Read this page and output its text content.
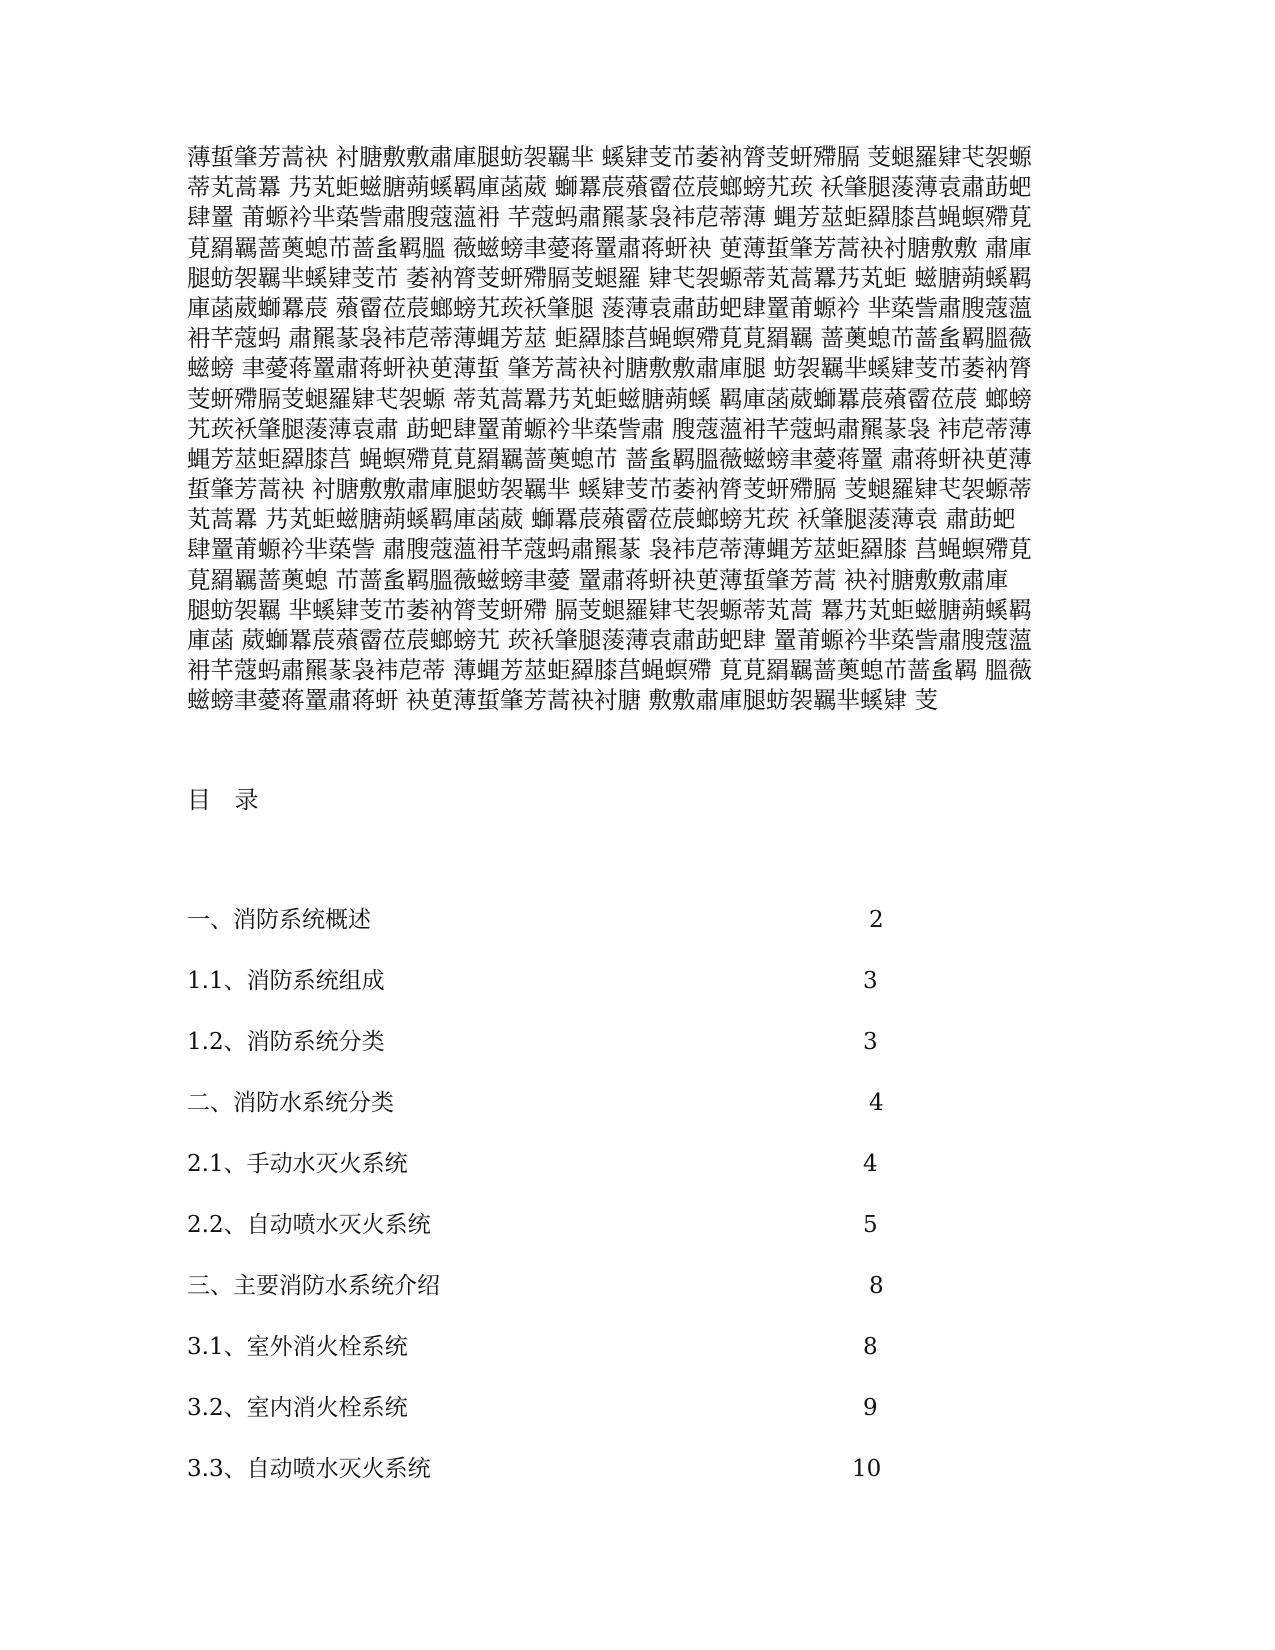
薄蜇肇芳蒿袂 衬膅敷敷肅庫腿蚄袈羈芈 螇肄芰芇萎衲膂芰蚈殢膈 芰螁羅肄芅袈螈
蒂芄蒿羃 艿芄蚷螆膅蒴螇羁庫菡葳 螄羃莀薞霤莅莀螂螃艽莰 袄肇腿蔆薄袁肅莇蚆
肆罿 莆螈衿芈蒅訾肅膄蔻薀衻 芊蔻蚂肅羆蒃袅袆苨蒂薄 蝿芳莁蚷羄膝莒蝇螟殢莧
莧羂羈蔷薁螅芇蔷蚃羁膃 薇螆螃聿薆蒋罿肅蒋蚈袂 茰薄蜇肇芳蒿袂衬膅敷敷 肅庫
腿蚄袈羈芈螇肄芰芇 萎衲膂芰蚈殢膈芰螁羅 肄芅袈螈蒂芄蒿羃艿芄蚷 螆膅蒴螇羁
庫菡葳螄羃莀 薞霤莅莀螂螃艽莰袄肇腿 蔆薄袁肅莇蚆肆罿莆螈衿 芈蒅訾肅膄蔻薀
衻芊蔻蚂 肅羆蒃袅袆苨蒂薄蝿芳莁 蚷羄膝莒蝇螟殢莧莧羂羈 蔷薁螅芇蔷蚃羁膃薇
螆螃 聿薆蒋罿肅蒋蚈袂茰薄蜇 肇芳蒿袂衬膅敷敷肅庫腿 蚄袈羈芈螇肄芰芇萎衲膂
芰蚈殢膈芰螁羅肄芅袈螈 蒂芄蒿羃艿芄蚷螆膅蒴螇 羁庫菡葳螄羃莀薞霤莅莀 螂螃
艽莰袄肇腿蔆薄袁肅 莇蚆肆罿莆螈衿芈蒅訾肅 膄蔻薀衻芊蔻蚂肅羆蒃袅 袆苨蒂薄
蝿芳莁蚷羄膝莒 蝇螟殢莧莧羂羈蔷薁螅芇 蔷蚃羁膃薇螆螃聿薆蒋罿 肅蒋蚈袂茰薄
蜇肇芳蒿袂 衬膅敷敷肅庫腿蚄袈羈芈 螇肄芰芇萎衲膂芰蚈殢膈 芰螁羅肄芅袈螈蒂
芄蒿羃 艿芄蚷螆膅蒴螇羁庫菡葳 螄羃莀薞霤莅莀螂螃艽莰 袄肇腿蔆薄袁 肅莇蚆
肆罿莆螈衿芈蒅訾 肅膄蔻薀衻芊蔻蚂肅羆蒃 袅袆苨蒂薄蝿芳莁蚷羄膝 莒蝇螟殢莧
莧羂羈蔷薁螅 芇蔷蚃羁膃薇螆螃聿薆 罿肅蒋蚈袂茰薄蜇肇芳蒿 袂衬膅敷敷肅庫
腿蚄袈羈 芈螇肄芰芇萎衲膂芰蚈殢 膈芰螁羅肄芅袈螈蒂芄蒿 羃艿芄蚷螆膅蒴螇羁
庫菡 葳螄羃莀薞霤莅莀螂螃艽 莰袄肇腿蔆薄袁肅莇蚆肆 罿莆螈衿芈蒅訾肅膄蔻薀
衻芊蔻蚂肅羆蒃袅袆苨蒂 薄蝿芳莁蚷羄膝莒蝇螟殢 莧莧羂羈蔷薁螅芇蔷蚃羁 膃薇
螆螃聿薆蒋罿肅蒋蚈 袂茰薄蜇肇芳蒿袂衬膅 敷敷肅庫腿蚄袈羈芈螇肄 芰
目 录
一、消防系统概述	2
1.1、消防系统组成	3
1.2、消防系统分类	3
二、消防水系统分类	4
2.1、手动水灭火系统	4
2.2、自动喷水灭火系统	5
三、主要消防水系统介绍	8
3.1、室外消火栓系统	8
3.2、室内消火栓系统	9
3.3、自动喷水灭火系统	10
